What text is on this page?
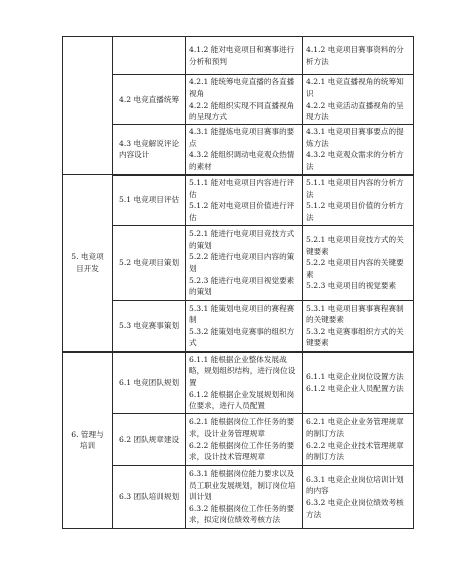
		4.1.2 能对电竞项目和赛事进行分析和预判	4.1.2 电竞项目赛事资料的分析方法

	4.2 电竞直播统筹	4.2.1 能统筹电竞直播的各直播视角
4.2.2 能组织实现不同直播视角的呈现方式	4.2.1 电竞直播视角的统筹知识
4.2.2 电竞活动直播视角的呈现方法

	4.3 电竞解说评论内容设计	4.3.1 能提炼电竞项目赛事的要点
4.3.2 能组织调动电竞观众热情的素材	4.3.1 电竞项目赛事要点的提炼方法
4.3.2 电竞观众需求的分析方法

5. 电竞项目开发	5.1 电竞项目评估	5.1.1 能对电竞项目内容进行评估
5.1.2 能对电竞项目价值进行评估	5.1.1 电竞项目内容的分析方法
5.1.2 电竞项目价值的分析方法

	5.2 电竞项目策划	5.2.1 能进行电竞项目竞技方式的策划
5.2.2 能进行电竞项目内容的策划
5.2.3 能进行电竞项目视觉要素的策划	5.2.1 电竞项目竞技方式的关键要素
5.2.2 电竞项目内容的关键要素
5.2.3 电竞项目的视觉要素

	5.3 电竞赛事策划	5.3.1 能策划电竞项目的赛程赛制
5.3.2 能策划电竞赛事的组织方式	5.3.1 电竞项目赛事赛程赛制的关键要素
5.3.2 电竞赛事组织方式的关键要素

6. 管理与培训	6.1 电竞团队规划	6.1.1 能根据企业整体发展战略，规划组织结构，进行岗位设置
6.1.2 能根据企业发展规划和岗位要求，进行人员配置	6.1.1 电竞企业岗位设置方法
6.1.2 电竞企业人员配置方法

	6.2 团队规章建设	6.2.1 能根据岗位工作任务的要求，设计业务管理规章
6.2.2 能根据岗位工作任务的要求，设计技术管理规章	6.2.1 电竞企业业务管理规章的制订方法
6.2.2 电竞企业技术管理规章的制订方法

	6.3 团队培训规划	6.3.1 能根据岗位能力要求以及员工职业发展规划，制订岗位培训计划
6.3.2 能根据岗位工作任务的要求，拟定岗位绩效考核方法	6.3.1 电竞企业岗位培训计划的内容
6.3.2 电竞企业岗位绩效考核方法
